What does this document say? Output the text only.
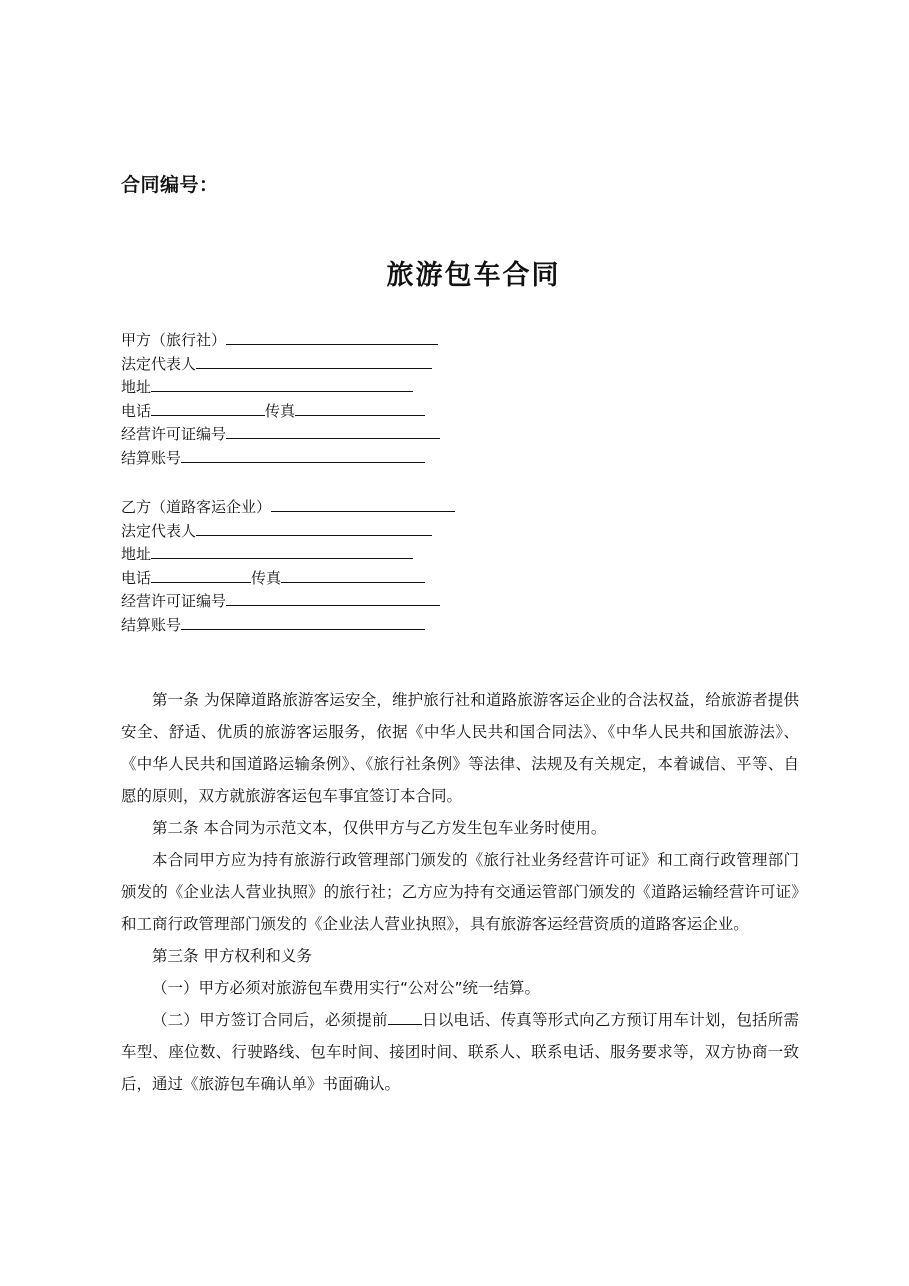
合同编号：
旅游包车合同
甲方（旅行社）
法定代表人
地址
电话	传真
经营许可证编号
结算账号
乙方（道路客运企业）
法定代表人
地址
电话	传真
经营许可证编号
结算账号

第一条 为保障道路旅游客运安全，维护旅行社和道路旅游客运企业的合法权益，给旅游者提供安全、舒适、优质的旅游客运服务，依据《中华人民共和国合同法》、《中华人民共和国旅游法》、《中华人民共和国道路运输条例》、《旅行社条例》等法律、法规及有关规定，本着诚信、平等、自愿的原则，双方就旅游客运包车事宜签订本合同。

第二条 本合同为示范文本，仅供甲方与乙方发生包车业务时使用。

本合同甲方应为持有旅游行政管理部门颁发的《旅行社业务经营许可证》和工商行政管理部门颁发的《企业法人营业执照》的旅行社；乙方应为持有交通运管部门颁发的《道路运输经营许可证》和工商行政管理部门颁发的《企业法人营业执照》，具有旅游客运经营资质的道路客运企业。

第三条 甲方权利和义务

（一）甲方必须对旅游包车费用实行“公对公”统一结算。

（二）甲方签订合同后，必须提前 日以电话、传真等形式向乙方预订用车计划，包括所需车型、座位数、行驶路线、包车时间、接团时间、联系人、联系电话、服务要求等，双方协商一致后，通过《旅游包车确认单》书面确认。
